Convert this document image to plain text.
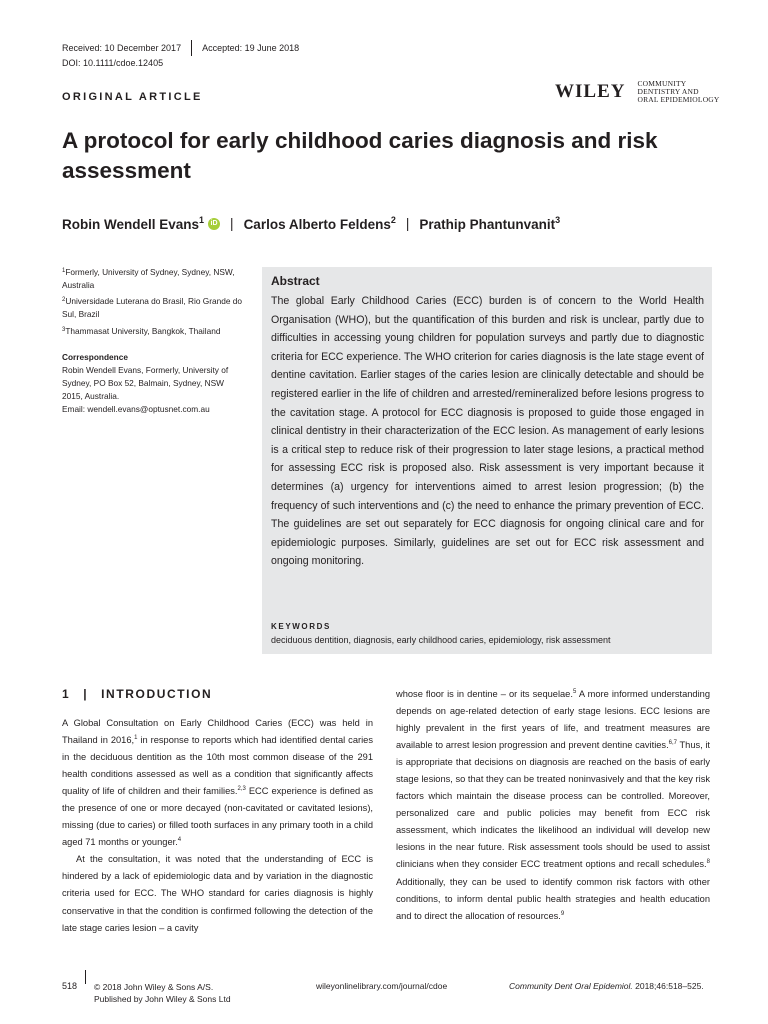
Received: 10 December 2017 Accepted: 19 June 2018
DOI: 10.1111/cdoe.12405
ORIGINAL ARTICLE	WILEY COMMUNITY
DENTISTRY AND
ORAL EPIDEMIOLOGY
A protocol for early childhood caries diagnosis and risk assessment
Robin Wendell Evans$^1$ iD | Carlos Alberto Feldens$^2$ | Prathip Phantunvanit$^3$
$^1$Formerly, University of Sydney, Sydney, NSW, Australia
$^2$Universidade Luterana do Brasil, Rio Grande do Sul, Brazil
$^3$Thammasat University, Bangkok, Thailand
Correspondence
Robin Wendell Evans, Formerly, University of Sydney, PO Box 52, Balmain, Sydney, NSW 2015, Australia.
Email: wendell.evans@optusnet.com.au
Abstract

The global Early Childhood Caries (ECC) burden is of concern to the World Health Organisation (WHO), but the quantification of this burden and risk is unclear, partly due to difficulties in accessing young children for population surveys and partly due to diagnostic criteria for ECC experience. The WHO criterion for caries diagnosis is the late stage event of dentine cavitation. Earlier stages of the caries lesion are clinically detectable and should be registered earlier in the life of children and arrested/remineralized before lesions progress to the cavitation stage. A protocol for ECC diagnosis is proposed to guide those engaged in clinical dentistry in their characterization of the ECC lesion. As management of early lesions is a critical step to reduce risk of their progression to later stage lesions, a practical method for assessing ECC risk is proposed also. Risk assessment is very important because it determines (a) urgency for interventions aimed to arrest lesion progression; (b) the frequency of such interventions and (c) the need to enhance the primary prevention of ECC. The guidelines are set out separately for ECC diagnosis for ongoing clinical care and for epidemiologic purposes. Similarly, guidelines are set out for ECC risk assessment and ongoing monitoring.

KEYWORDS
deciduous dentition, diagnosis, early childhood caries, epidemiology, risk assessment
1 | INTRODUCTION

A Global Consultation on Early Childhood Caries (ECC) was held in Thailand in 2016,$^1$ in response to reports which had identified dental caries in the deciduous dentition as the 10th most common disease of the 291 health conditions assessed as well as a condition that significantly affects quality of life of children and their families.$^{2,3}$ ECC experience is defined as the presence of one or more decayed (non-cavitated or cavitated lesions), missing (due to caries) or filled tooth surfaces in any primary tooth in a child aged 71 months or younger.$^4$

At the consultation, it was noted that the understanding of ECC is hindered by a lack of epidemiologic data and by variation in the diagnostic criteria used for ECC. The WHO standard for caries diagnosis is highly conservative in that the condition is confirmed following the detection of the late stage caries lesion – a cavity

whose floor is in dentine – or its sequelae.$^5$ A more informed understanding depends on age-related detection of early stage lesions. ECC lesions are highly prevalent in the first years of life, and treatment measures are available to arrest lesion progression and prevent dentine cavities.$^{6,7}$ Thus, it is appropriate that decisions on diagnosis are reached on the basis of early stage lesions, so that they can be treated noninvasively and that the key risk factors which maintain the disease process can be controlled. Moreover, personalized care and public policies may benefit from ECC risk assessment, which indicates the likelihood an individual will develop new lesions in the near future. Risk assessment tools should be used to assist clinicians when they consider ECC treatment options and recall schedules.$^8$ Additionally, they can be used to identify common risk factors with other conditions, to inform dental public health strategies and health education and to direct the allocation of resources.$^9$

518 © 2018 John Wiley & Sons A/S.
Published by John Wiley & Sons Ltd
wileyonlinelibrary.com/journal/cdoe	Community Dent Oral Epidemiol. 2018;46:518–525.
